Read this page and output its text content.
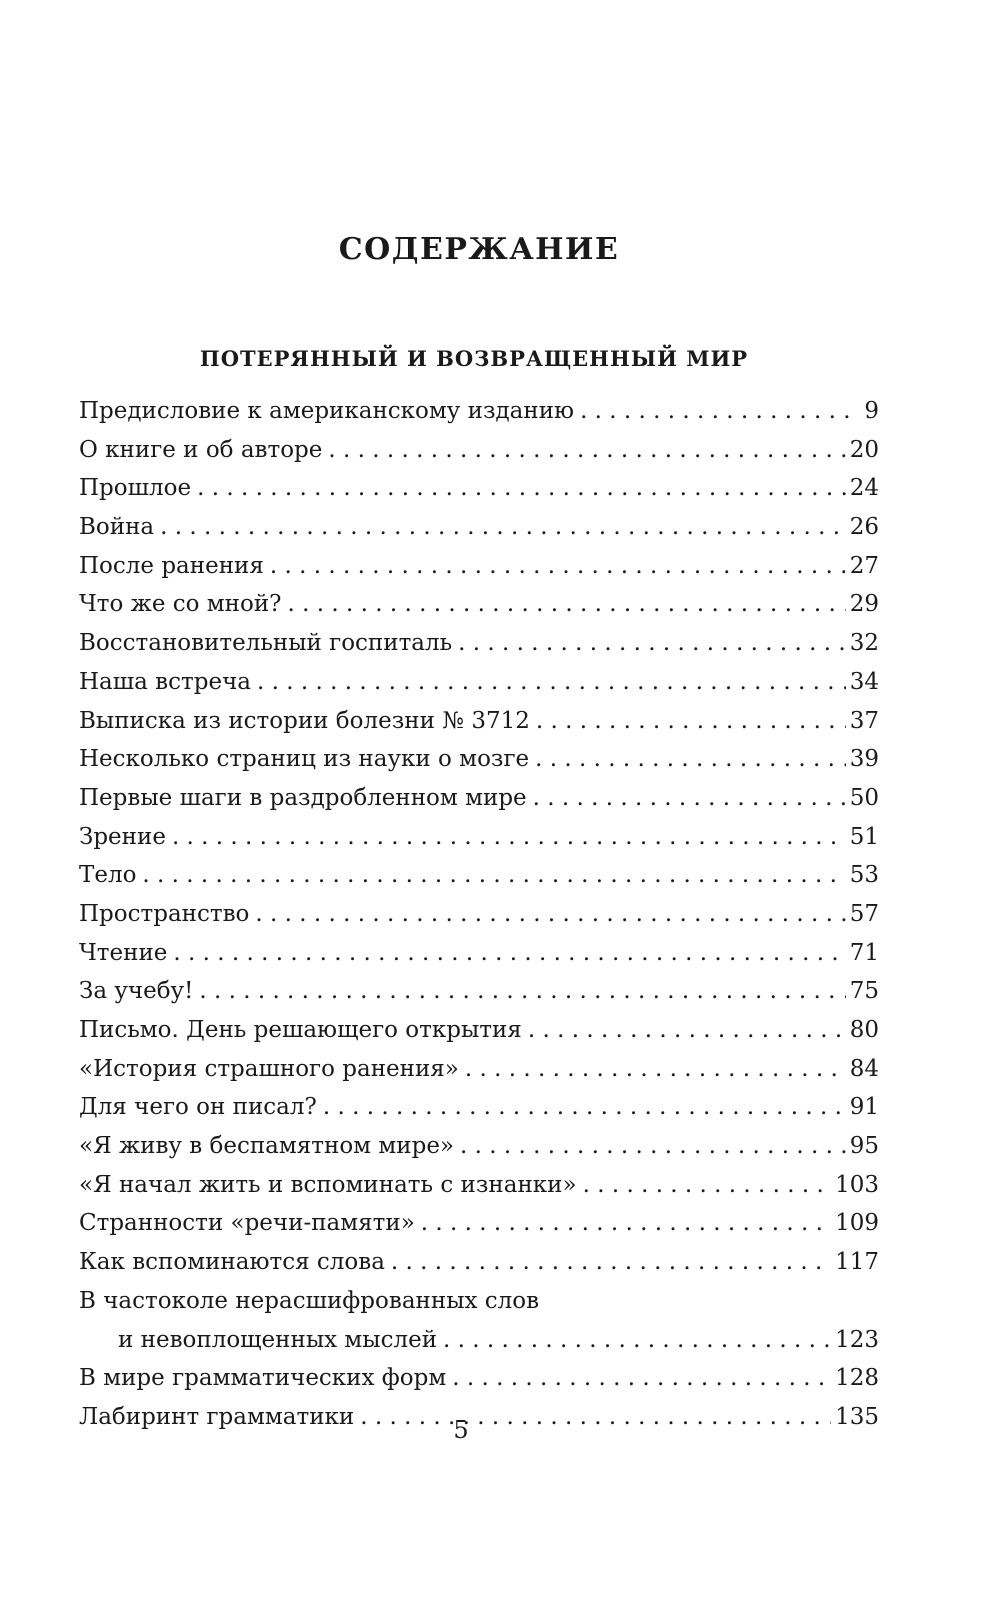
СОДЕРЖАНИЕ
ПОТЕРЯННЫЙ И ВОЗВРАЩЕННЫЙ МИР
Предисловие к американскому изданию . . .	9
О книге и об авторе . . .	20
Прошлое . . .	24
Война . . .	26
После ранения . . .	27
Что же со мной? . . .	29
Восстановительный госпиталь . . .	32
Наша встреча . . .	34
Выписка из истории болезни № 3712 . . .	37
Несколько страниц из науки о мозге . . .	39
Первые шаги в раздробленном мире . . .	50
Зрение . . .	51
Тело . . .	53
Пространство . . .	57
Чтение . . .	71
За учебу! . . .	75
Письмо. День решающего открытия . . .	80
«История страшного ранения» . . .	84
Для чего он писал? . . .	91
«Я живу в беспамятном мире» . . .	95
«Я начал жить и вспоминать с изнанки» . . .	103
Странности «речи-памяти» . . .	109
Как вспоминаются слова . . .	117
В частоколе нерасшифрованных слов
и невоплощенных мыслей . . .	123
В мире грамматических форм . . .	128
Лабиринт грамматики . . .	135

5
